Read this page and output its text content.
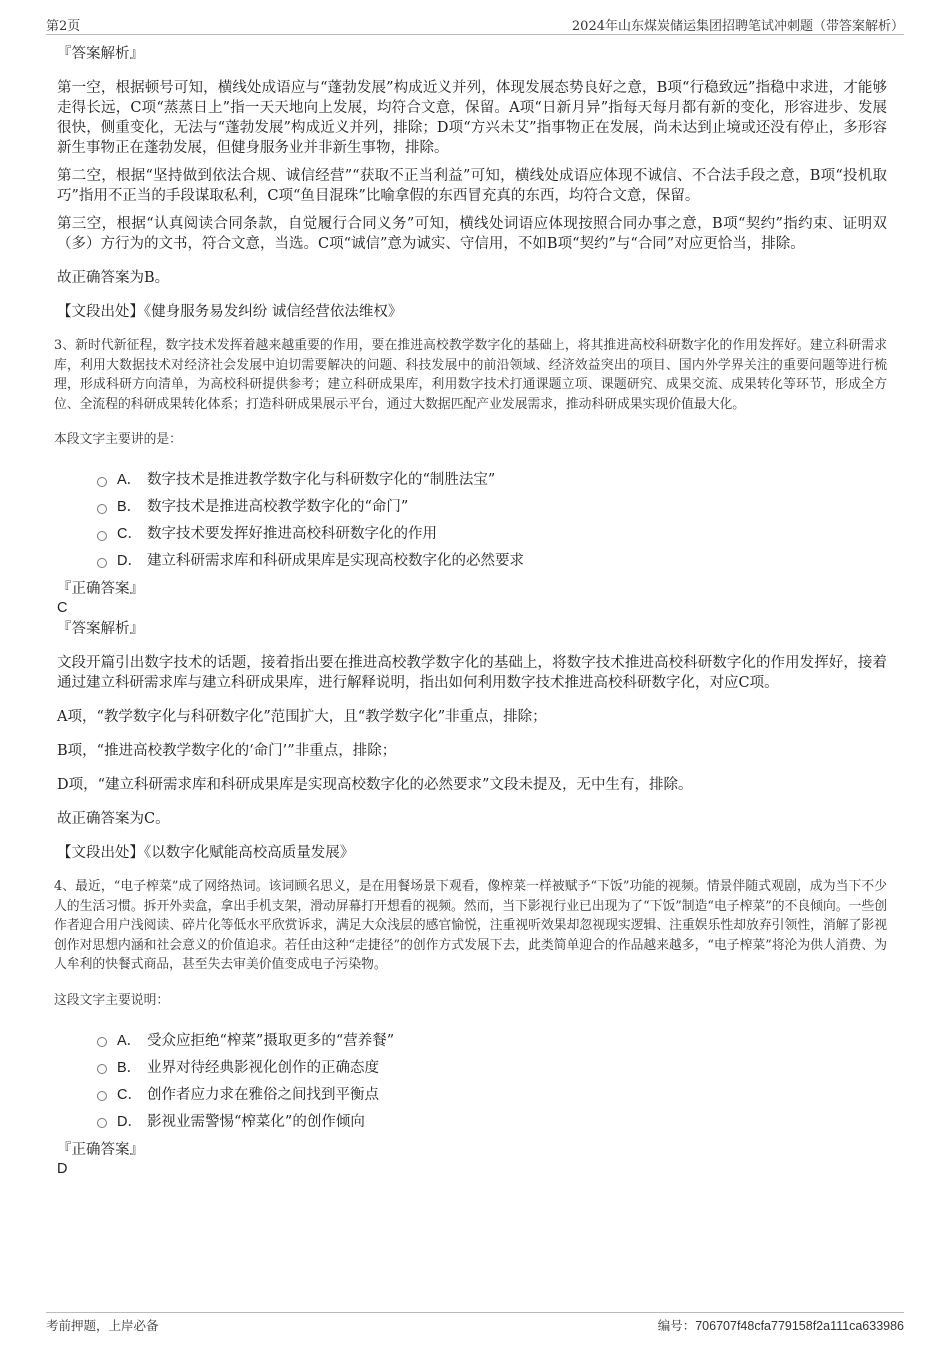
第2页	2024年山东煤炭储运集团招聘笔试冲刺题（带答案解析）
『答案解析』
第一空，根据顿号可知，横线处成语应与“蓬勃发展”构成近义并列，体现发展态势良好之意，B项“行稳致远”指稳中求进，才能够走得长远，C项“蒸蒸日上”指一天天地向上发展，均符合文意，保留。A项“日新月异”指每天每月都有新的变化，形容进步、发展很快，侧重变化，无法与“蓬勃发展”构成近义并列，排除；D项“方兴未艾”指事物正在发展，尚未达到止境或还没有停止，多形容新生事物正在蓬勃发展，但健身服务业并非新生事物，排除。
第二空，根据“坚持做到依法合规、诚信经营”“获取不正当利益”可知，横线处成语应体现不诚信、不合法手段之意，B项“投机取巧”指用不正当的手段谋取私利，C项“鱼目混珠”比喻拿假的东西冒充真的东西，均符合文意，保留。
第三空，根据“认真阅读合同条款，自觉履行合同义务”可知，横线处词语应体现按照合同办事之意，B项“契约”指约束、证明双（多）方行为的文书，符合文意，当选。C项“诚信”意为诚实、守信用，不如B项“契约”与“合同”对应更恰当，排除。
故正确答案为B。
【文段出处】《健身服务易发纠纷 诚信经营依法维权》
3、新时代新征程，数字技术发挥着越来越重要的作用，要在推进高校教学数字化的基础上，将其推进高校科研数字化的作用发挥好。建立科研需求库，利用大数据技术对经济社会发展中迫切需要解决的问题、科技发展中的前沿领域、经济效益突出的项目、国内外学界关注的重要问题等进行梳理，形成科研方向清单，为高校科研提供参考；建立科研成果库，利用数字技术打通课题立项、课题研究、成果交流、成果转化等环节，形成全方位、全流程的科研成果转化体系；打造科研成果展示平台，通过大数据匹配产业发展需求，推动科研成果实现价值最大化。
本段文字主要讲的是：
A． 数字技术是推进教学数字化与科研数字化的“制胜法宝”
B． 数字技术是推进高校教学数字化的“命门”
C． 数字技术要发挥好推进高校科研数字化的作用
D． 建立科研需求库和科研成果库是实现高校数字化的必然要求
『正确答案』
C
『答案解析』
文段开篇引出数字技术的话题，接着指出要在推进高校教学数字化的基础上，将数字技术推进高校科研数字化的作用发挥好，接着通过建立科研需求库与建立科研成果库，进行解释说明，指出如何利用数字技术推进高校科研数字化，对应C项。
A项，“教学数字化与科研数字化”范围扩大，且“教学数字化”非重点，排除；
B项，“推进高校教学数字化的‘命门’”非重点，排除；
D项，“建立科研需求库和科研成果库是实现高校数字化的必然要求”文段未提及，无中生有，排除。
故正确答案为C。
【文段出处】《以数字化赋能高校高质量发展》
4、最近，“电子榨菜”成了网络热词。该词顾名思义，是在用餐场景下观看，像榨菜一样被赋予“下饭”功能的视频。情景伴随式观剧，成为当下不少人的生活习惯。拆开外卖盒，拿出手机支架，滑动屏幕打开想看的视频。然而，当下影视行业已出现为了“下饭”制造“电子榨菜”的不良倾向。一些创作者迎合用户浅阅读、碎片化等低水平欣赏诉求，满足大众浅层的感官愉悦，注重视听效果却忽视现实逻辑、注重娱乐性却放弃引领性，消解了影视创作对思想内涵和社会意义的价值追求。若任由这种“走捷径”的创作方式发展下去，此类简单迎合的作品越来越多，“电子榨菜”将沦为供人消费、为人牟利的快餐式商品，甚至失去审美价值变成电子污染物。
这段文字主要说明：
A． 受众应拒绝“榨菜”摄取更多的“营养餐”
B． 业界对待经典影视化创作的正确态度
C． 创作者应力求在雅俗之间找到平衡点
D． 影视业需警惕“榨菜化”的创作倾向
『正确答案』
D
考前押题，上岸必备	编号：706707f48cfa779158f2a111ca633986
